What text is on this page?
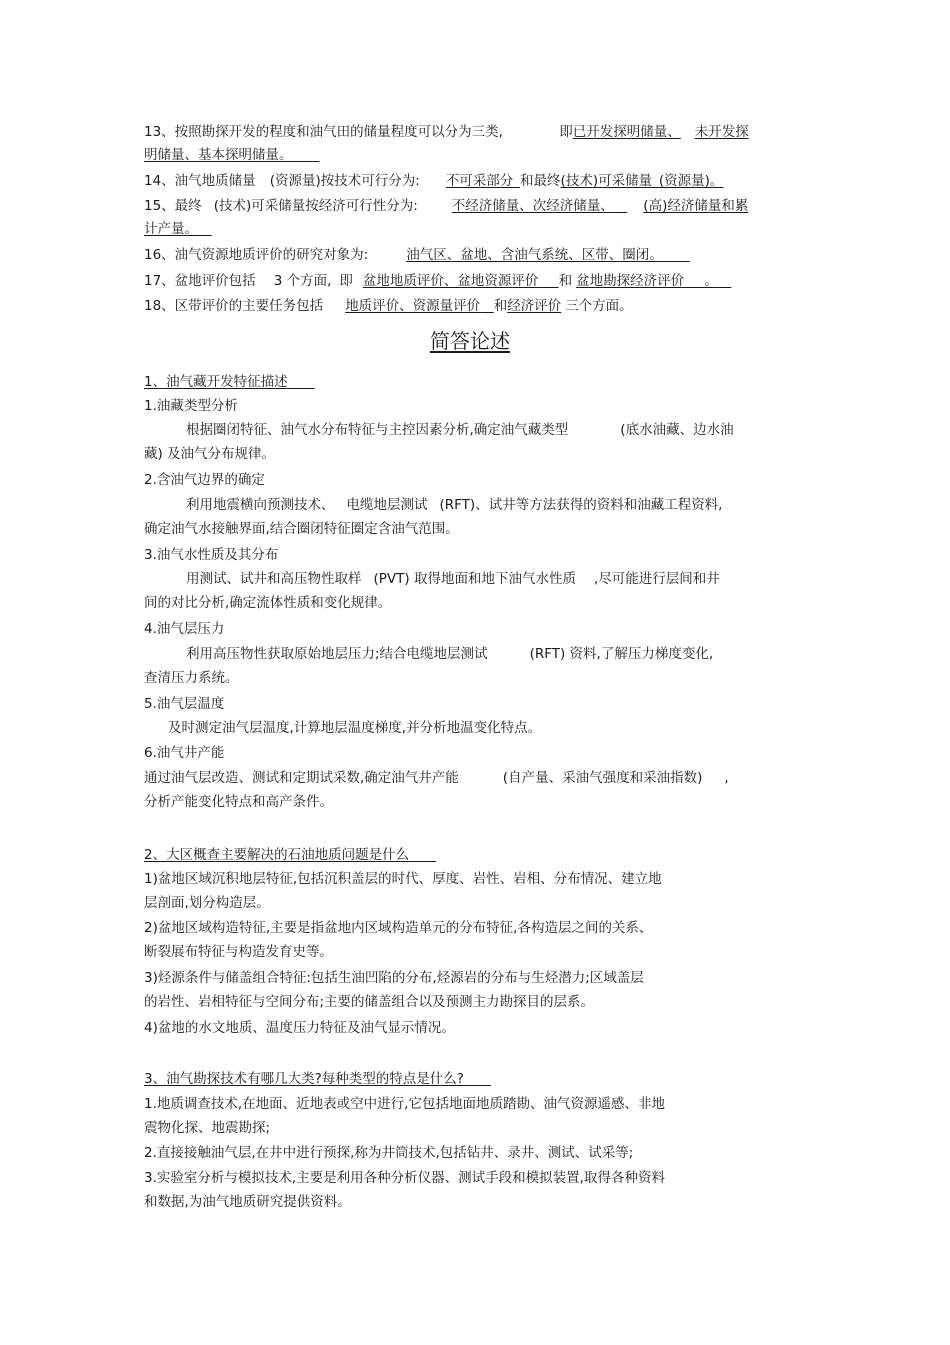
13、按照勘探开发的程度和油气田的储量程度可以分为三类,	即已开发探明储量、 未开发探
明储量、基本探明储量。  
14、油气地质储量 (资源量)按技术可行分为: 不可采部分  和最终(技术)可采储量  (资源量)。
15、最终 (技术)可采储量按经济可行性分为:	不经济储量、次经济储量、  (高)经济储量和累
计产量。 
16、油气资源地质评价的研究对象为:	油气区、盆地、含油气系统、区带、圈闭。  
17、盆地评价包括 3 个方面, 即 盆地地质评价、盆地资源评价   和 盆地勘探经济评价   。 
18、区带评价的主要任务包括 地质评价、资源量评价  和经济评价 三个方面。
简答论述
1、油气藏开发特征描述  
1.油藏类型分析
根据圈闭特征、油气水分布特征与主控因素分析,确定油气藏类型	(底水油藏、边水油
藏) 及油气分布规律。
2.含油气边界的确定
利用地震横向预测技术、 电缆地层测试 (RFT)、试井等方法获得的资料和油藏工程资料,
确定油气水接触界面,结合圈闭特征圈定含油气范围。
3.油气水性质及其分布
用测试、试井和高压物性取样 (PVT) 取得地面和地下油气水性质 ,尽可能进行层间和井
间的对比分析,确定流体性质和变化规律。
4.油气层压力
利用高压物性获取原始地层压力;结合电缆地层测试	(RFT) 资料,了解压力梯度变化,
查清压力系统。
5.油气层温度
及时测定油气层温度,计算地层温度梯度,并分析地温变化特点。
6.油气井产能
通过油气层改造、测试和定期试采数,确定油气井产能	(自产量、采油气强度和采油指数) ,
分析产能变化特点和高产条件。
2、大区概查主要解决的石油地质问题是什么  
1)盆地区域沉积地层特征,包括沉积盖层的时代、厚度、岩性、岩相、分布情况、建立地
层剖面,划分构造层。
2)盆地区域构造特征,主要是指盆地内区域构造单元的分布特征,各构造层之间的关系、
断裂展布特征与构造发育史等。
3)烃源条件与储盖组合特征:包括生油凹陷的分布,烃源岩的分布与生烃潜力;区域盖层
的岩性、岩相特征与空间分布;主要的储盖组合以及预测主力勘探目的层系。
4)盆地的水文地质、温度压力特征及油气显示情况。
3、油气勘探技术有哪几大类?每种类型的特点是什么?  
1.地质调查技术,在地面、近地表或空中进行,它包括地面地质踏勘、油气资源遥感、非地
震物化探、地震勘探;
2.直接接触油气层,在井中进行预探,称为井筒技术,包括钻井、录井、测试、试采等;
3.实验室分析与模拟技术,主要是利用各种分析仪器、测试手段和模拟装置,取得各种资料
和数据,为油气地质研究提供资料。
